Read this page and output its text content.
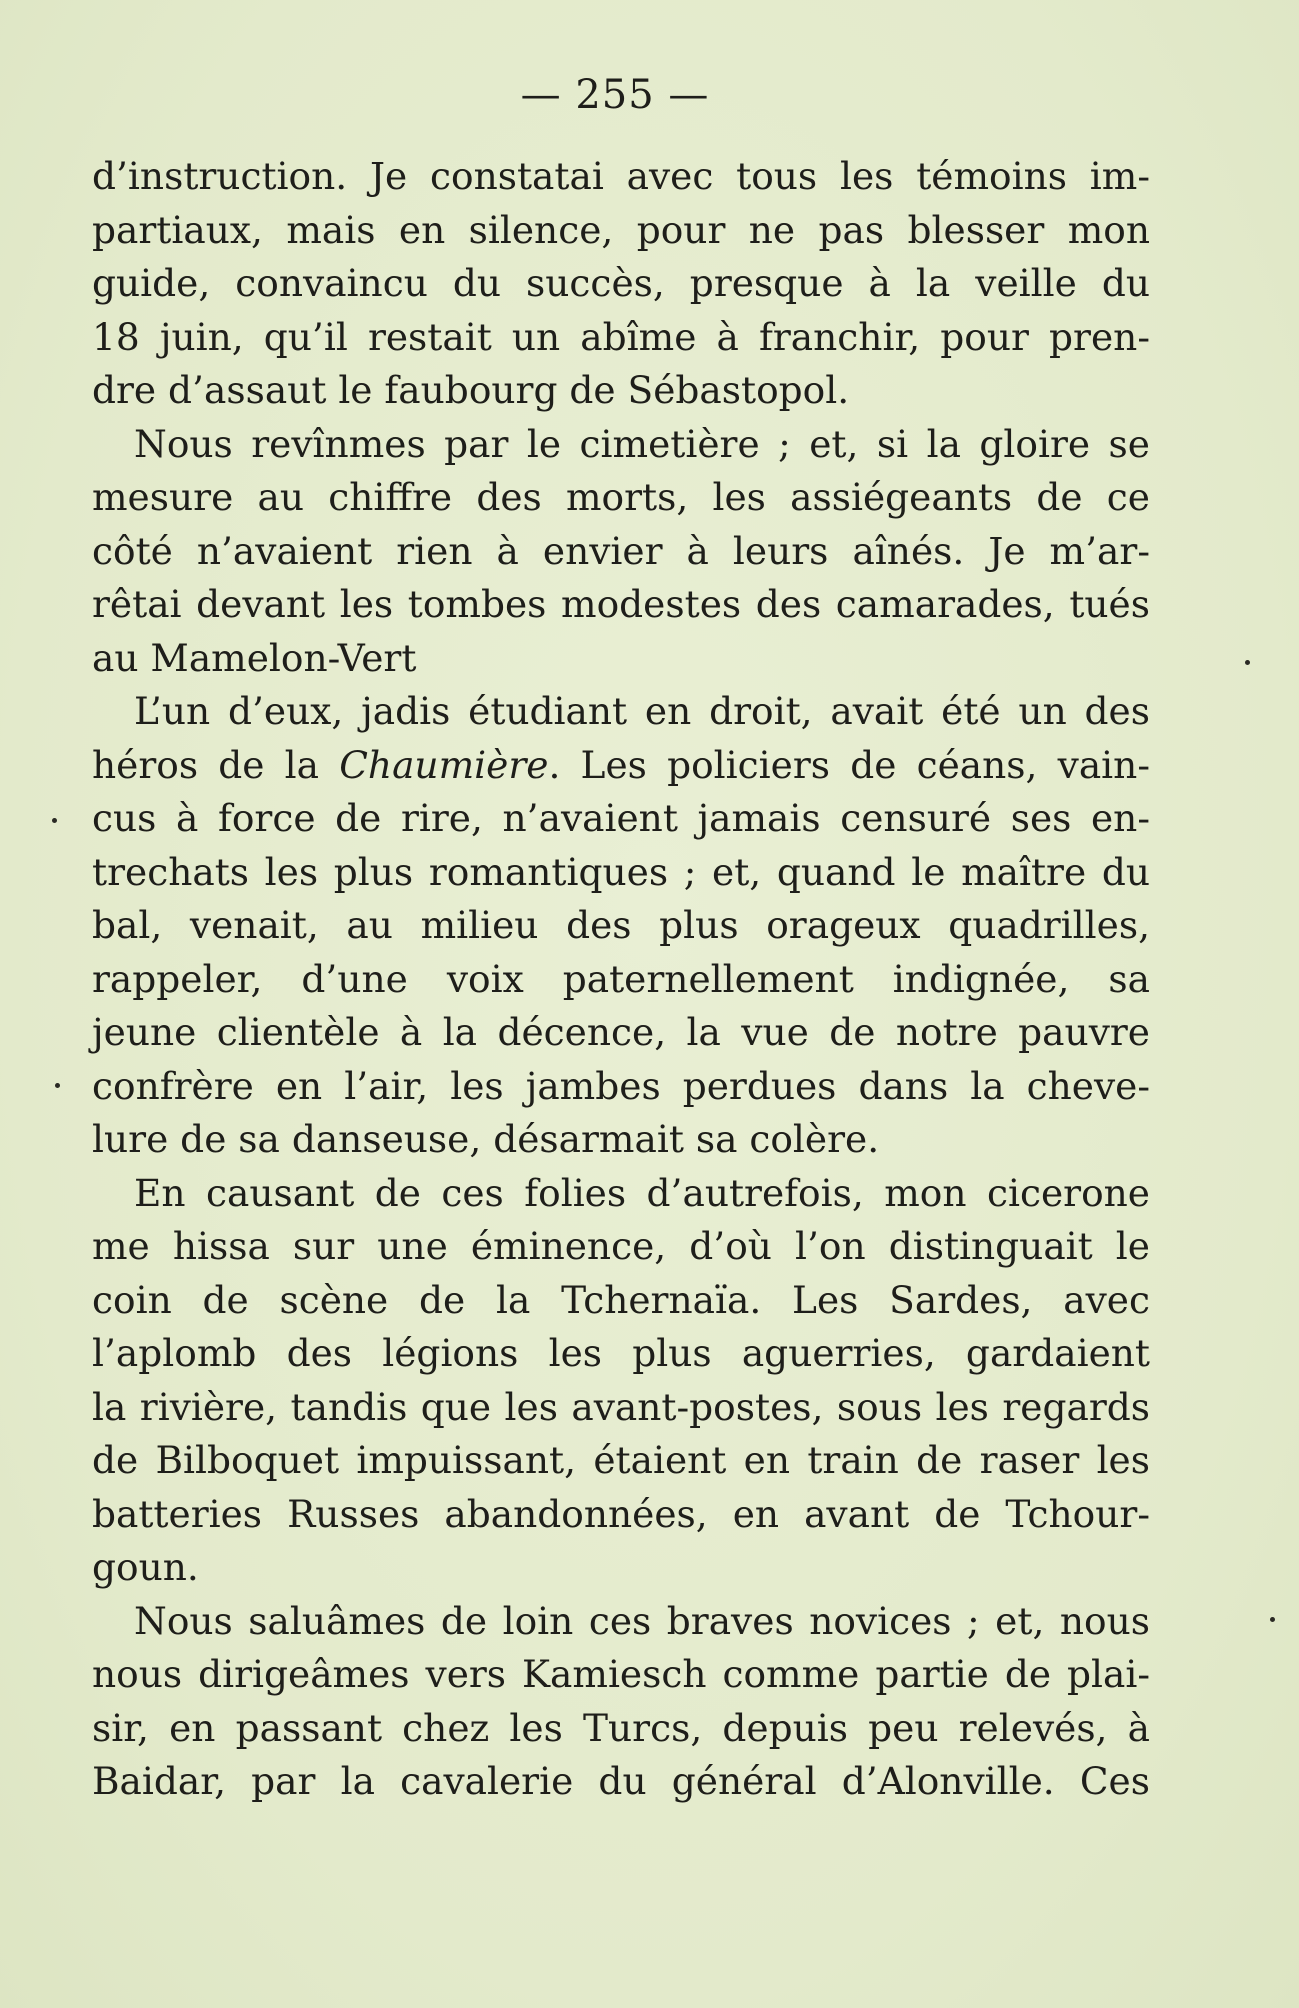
— 255 —
d’instruction. Je constatai avec tous les témoins im-
partiaux, mais en silence, pour ne pas blesser mon
guide, convaincu du succès, presque à la veille du
18 juin, qu’il restait un abîme à franchir, pour pren-
dre d’assaut le faubourg de Sébastopol.
Nous revînmes par le cimetière ; et, si la gloire se
mesure au chiffre des morts, les assiégeants de ce
côté n’avaient rien à envier à leurs aînés. Je m’ar-
rêtai devant les tombes modestes des camarades, tués
au Mamelon-Vert
L’un d’eux, jadis étudiant en droit, avait été un des
héros de la Chaumière. Les policiers de céans, vain-
cus à force de rire, n’avaient jamais censuré ses en-
trechats les plus romantiques ; et, quand le maître du
bal, venait, au milieu des plus orageux quadrilles,
rappeler, d’une voix paternellement indignée, sa
jeune clientèle à la décence, la vue de notre pauvre
confrère en l’air, les jambes perdues dans la cheve-
lure de sa danseuse, désarmait sa colère.
En causant de ces folies d’autrefois, mon cicerone
me hissa sur une éminence, d’où l’on distinguait le
coin de scène de la Tchernaïa. Les Sardes, avec
l’aplomb des légions les plus aguerries, gardaient
la rivière, tandis que les avant-postes, sous les regards
de Bilboquet impuissant, étaient en train de raser les
batteries Russes abandonnées, en avant de Tchour-
goun.
Nous saluâmes de loin ces braves novices ; et, nous
nous dirigeâmes vers Kamiesch comme partie de plai-
sir, en passant chez les Turcs, depuis peu relevés, à
Baidar, par la cavalerie du général d’Alonville. Ces
